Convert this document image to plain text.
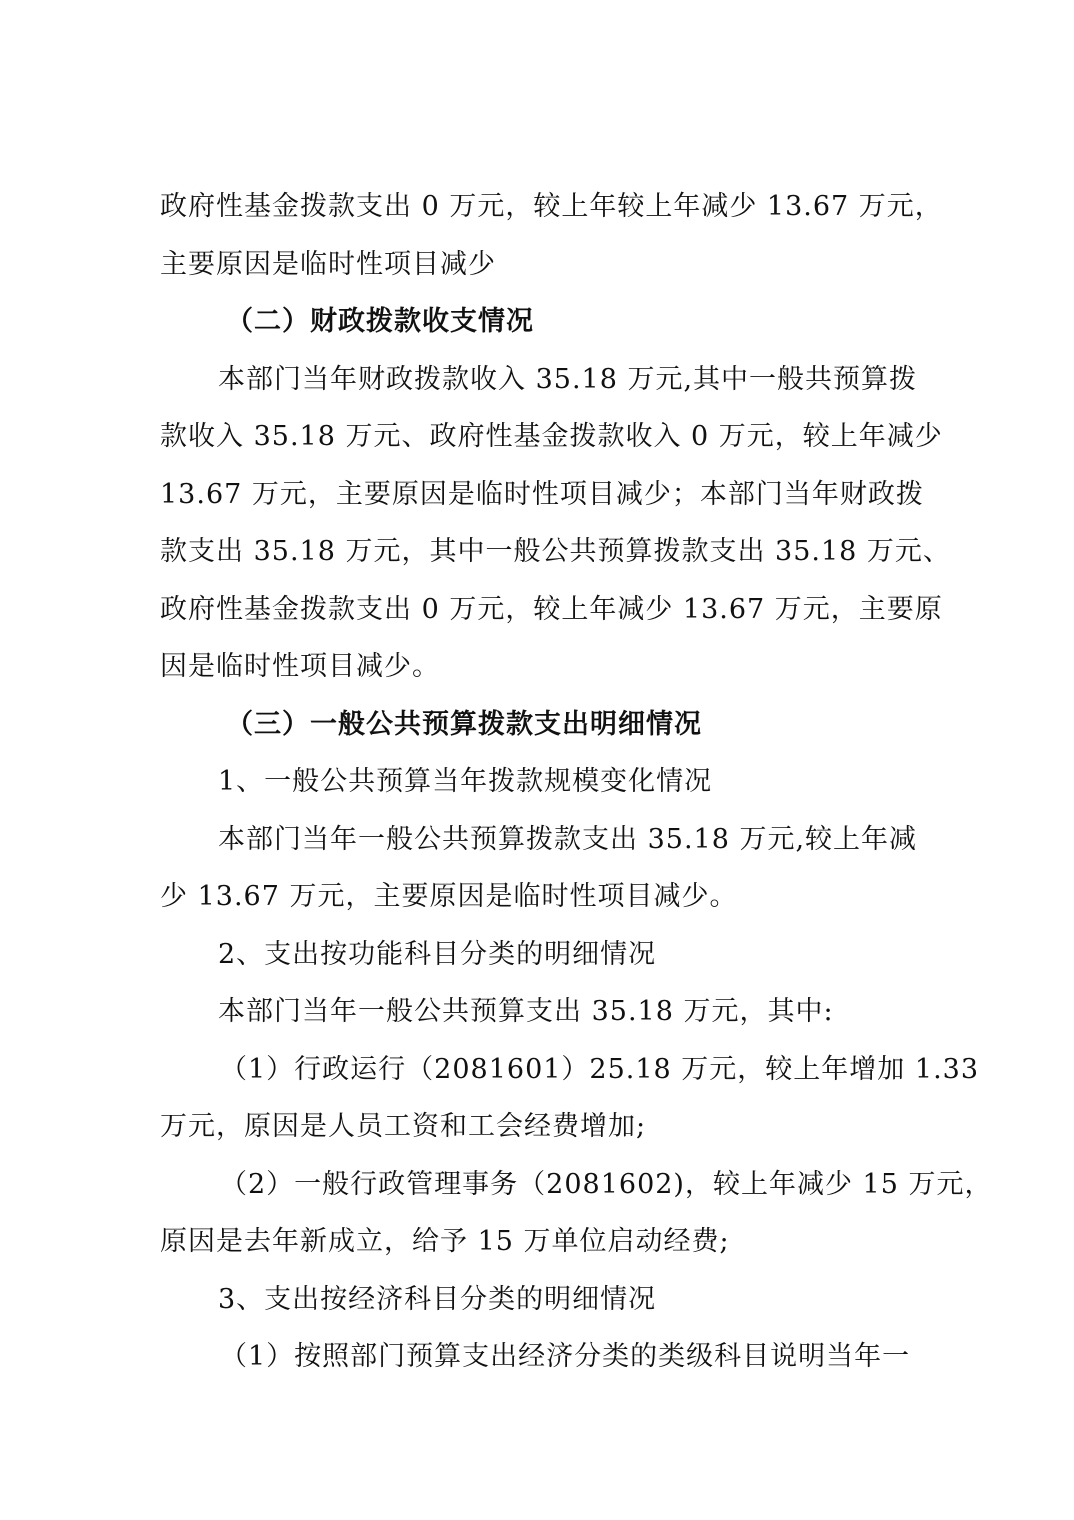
政府性基金拨款支出 0 万元，较上年较上年减少 13.67 万元，
主要原因是临时性项目减少
（二）财政拨款收支情况
本部门当年财政拨款收入 35.18 万元,其中一般共预算拨
款收入 35.18 万元、政府性基金拨款收入 0 万元，较上年减少
13.67 万元，主要原因是临时性项目减少；本部门当年财政拨
款支出 35.18 万元，其中一般公共预算拨款支出 35.18 万元、
政府性基金拨款支出 0 万元，较上年减少 13.67 万元，主要原
因是临时性项目减少。
（三）一般公共预算拨款支出明细情况
1、一般公共预算当年拨款规模变化情况
本部门当年一般公共预算拨款支出 35.18 万元,较上年减
少 13.67 万元，主要原因是临时性项目减少。
2、支出按功能科目分类的明细情况
本部门当年一般公共预算支出 35.18 万元，其中:
（1）行政运行（2081601）25.18 万元，较上年增加 1.33
万元，原因是人员工资和工会经费增加;
（2）一般行政管理事务（2081602)，较上年减少 15 万元，
原因是去年新成立，给予 15 万单位启动经费;
3、支出按经济科目分类的明细情况
（1）按照部门预算支出经济分类的类级科目说明当年一
